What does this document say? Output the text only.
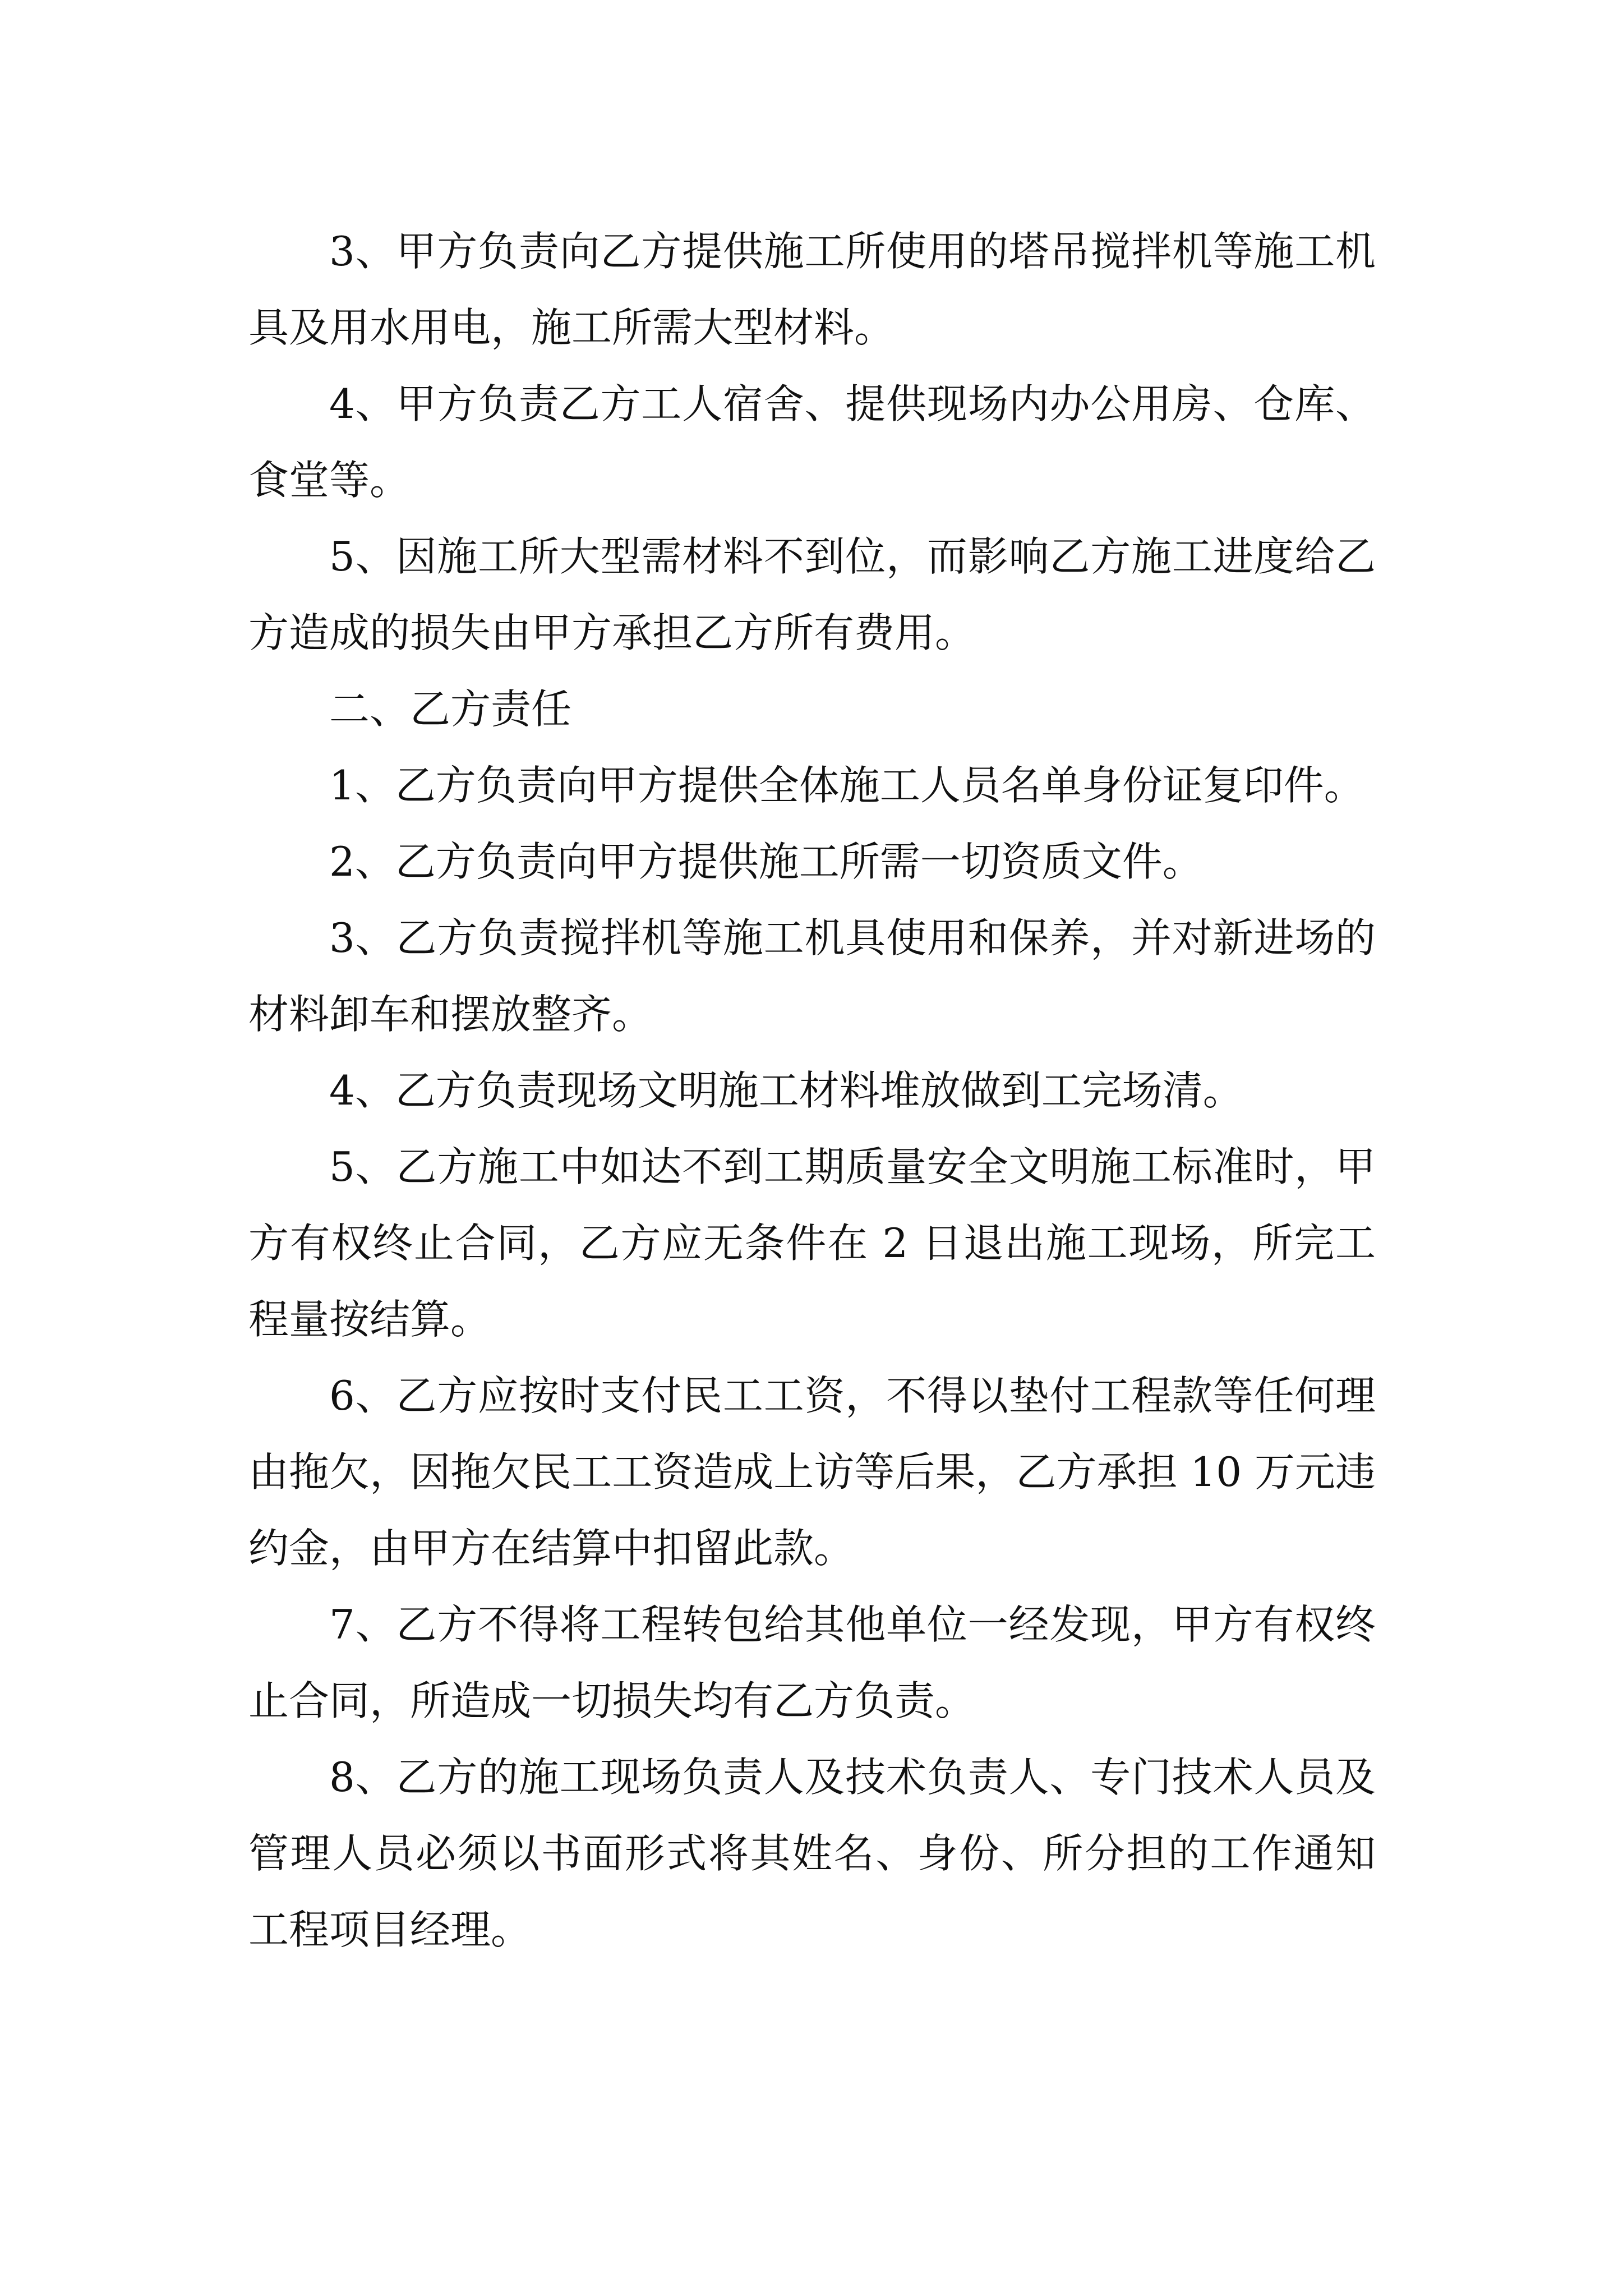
3、甲方负责向乙方提供施工所使用的塔吊搅拌机等施工机具及用水用电，施工所需大型材料。

4、甲方负责乙方工人宿舍、提供现场内办公用房、仓库、食堂等。

5、因施工所大型需材料不到位，而影响乙方施工进度给乙方造成的损失由甲方承担乙方所有费用。

二、乙方责任

1、乙方负责向甲方提供全体施工人员名单身份证复印件。

2、乙方负责向甲方提供施工所需一切资质文件。

3、乙方负责搅拌机等施工机具使用和保养，并对新进场的材料卸车和摆放整齐。

4、乙方负责现场文明施工材料堆放做到工完场清。

5、乙方施工中如达不到工期质量安全文明施工标准时，甲方有权终止合同，乙方应无条件在 2 日退出施工现场，所完工程量按结算。

6、乙方应按时支付民工工资，不得以垫付工程款等任何理由拖欠，因拖欠民工工资造成上访等后果，乙方承担 10 万元违约金，由甲方在结算中扣留此款。

7、乙方不得将工程转包给其他单位一经发现，甲方有权终止合同，所造成一切损失均有乙方负责。

8、乙方的施工现场负责人及技术负责人、专门技术人员及管理人员必须以书面形式将其姓名、身份、所分担的工作通知工程项目经理。
